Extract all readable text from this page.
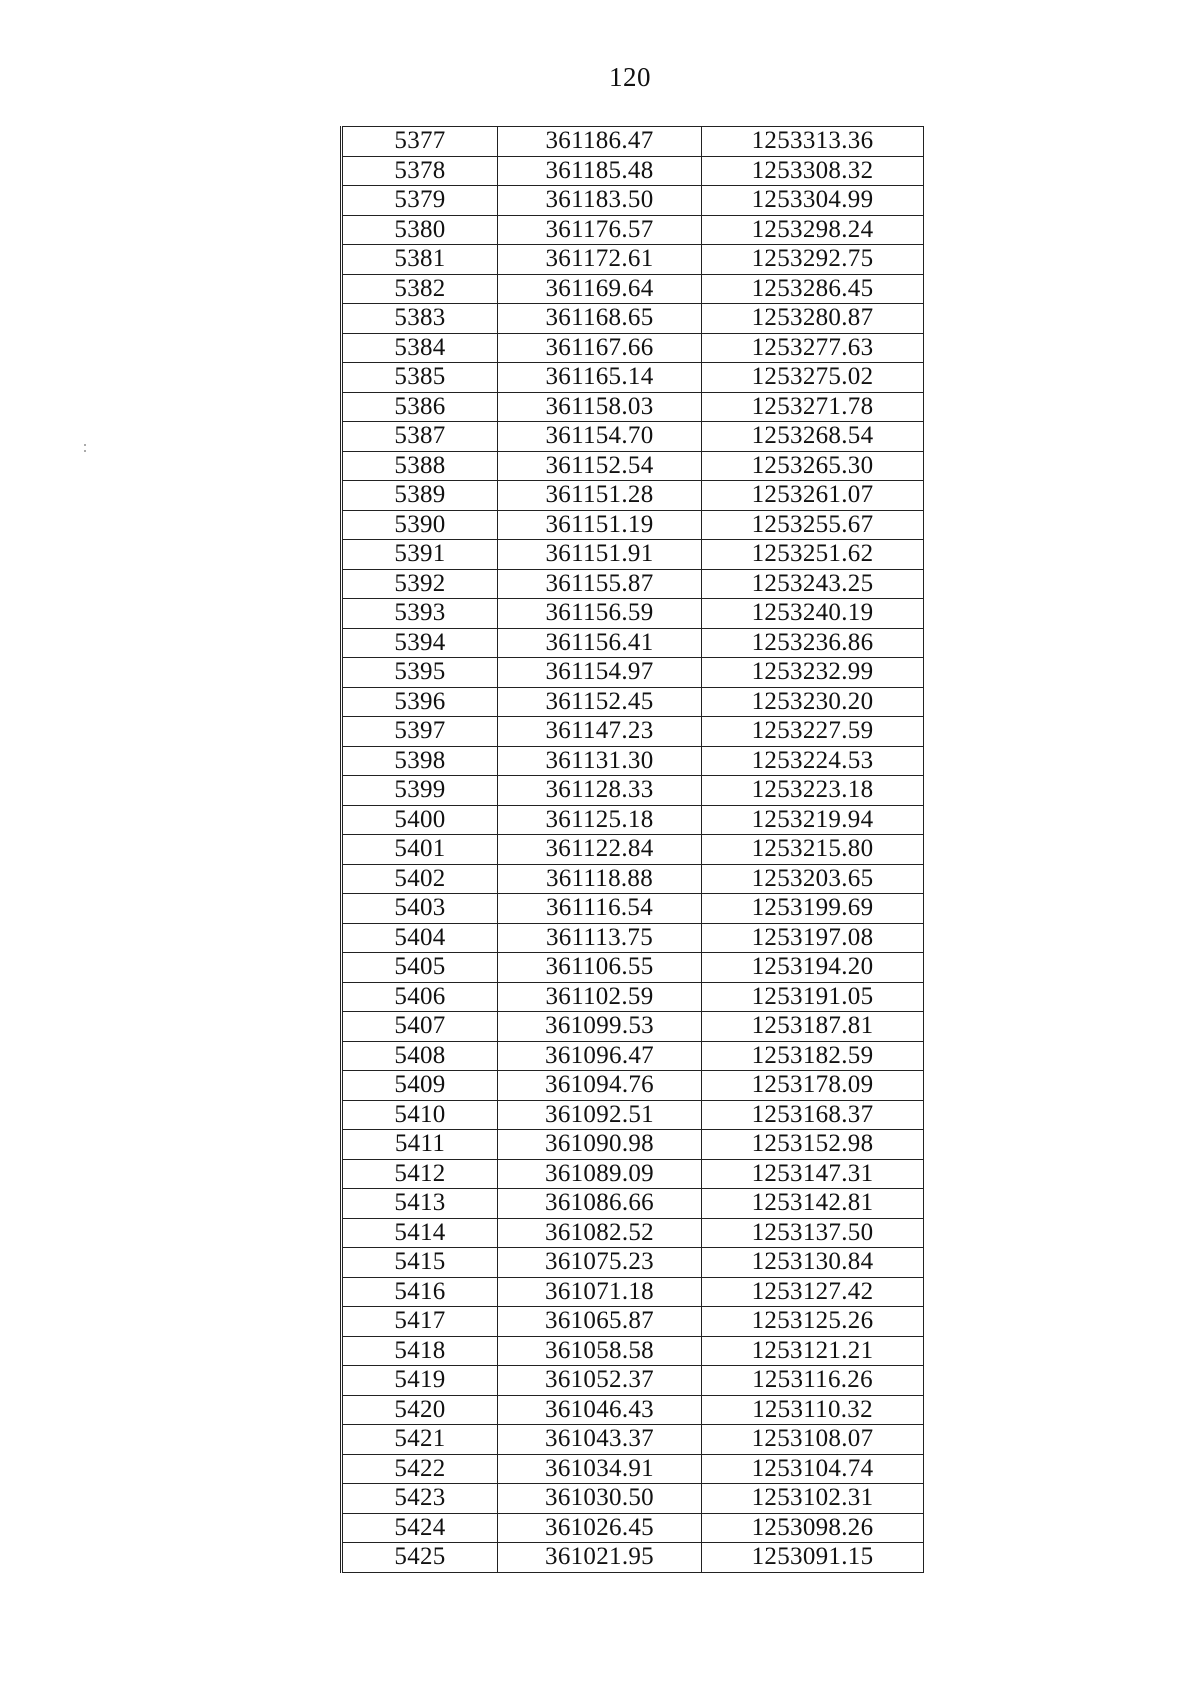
120
5377	361186.47	1253313.36
5378	361185.48	1253308.32
5379	361183.50	1253304.99
5380	361176.57	1253298.24
5381	361172.61	1253292.75
5382	361169.64	1253286.45
5383	361168.65	1253280.87
5384	361167.66	1253277.63
5385	361165.14	1253275.02
5386	361158.03	1253271.78
5387	361154.70	1253268.54
5388	361152.54	1253265.30
5389	361151.28	1253261.07
5390	361151.19	1253255.67
5391	361151.91	1253251.62
5392	361155.87	1253243.25
5393	361156.59	1253240.19
5394	361156.41	1253236.86
5395	361154.97	1253232.99
5396	361152.45	1253230.20
5397	361147.23	1253227.59
5398	361131.30	1253224.53
5399	361128.33	1253223.18
5400	361125.18	1253219.94
5401	361122.84	1253215.80
5402	361118.88	1253203.65
5403	361116.54	1253199.69
5404	361113.75	1253197.08
5405	361106.55	1253194.20
5406	361102.59	1253191.05
5407	361099.53	1253187.81
5408	361096.47	1253182.59
5409	361094.76	1253178.09
5410	361092.51	1253168.37
5411	361090.98	1253152.98
5412	361089.09	1253147.31
5413	361086.66	1253142.81
5414	361082.52	1253137.50
5415	361075.23	1253130.84
5416	361071.18	1253127.42
5417	361065.87	1253125.26
5418	361058.58	1253121.21
5419	361052.37	1253116.26
5420	361046.43	1253110.32
5421	361043.37	1253108.07
5422	361034.91	1253104.74
5423	361030.50	1253102.31
5424	361026.45	1253098.26
5425	361021.95	1253091.15
